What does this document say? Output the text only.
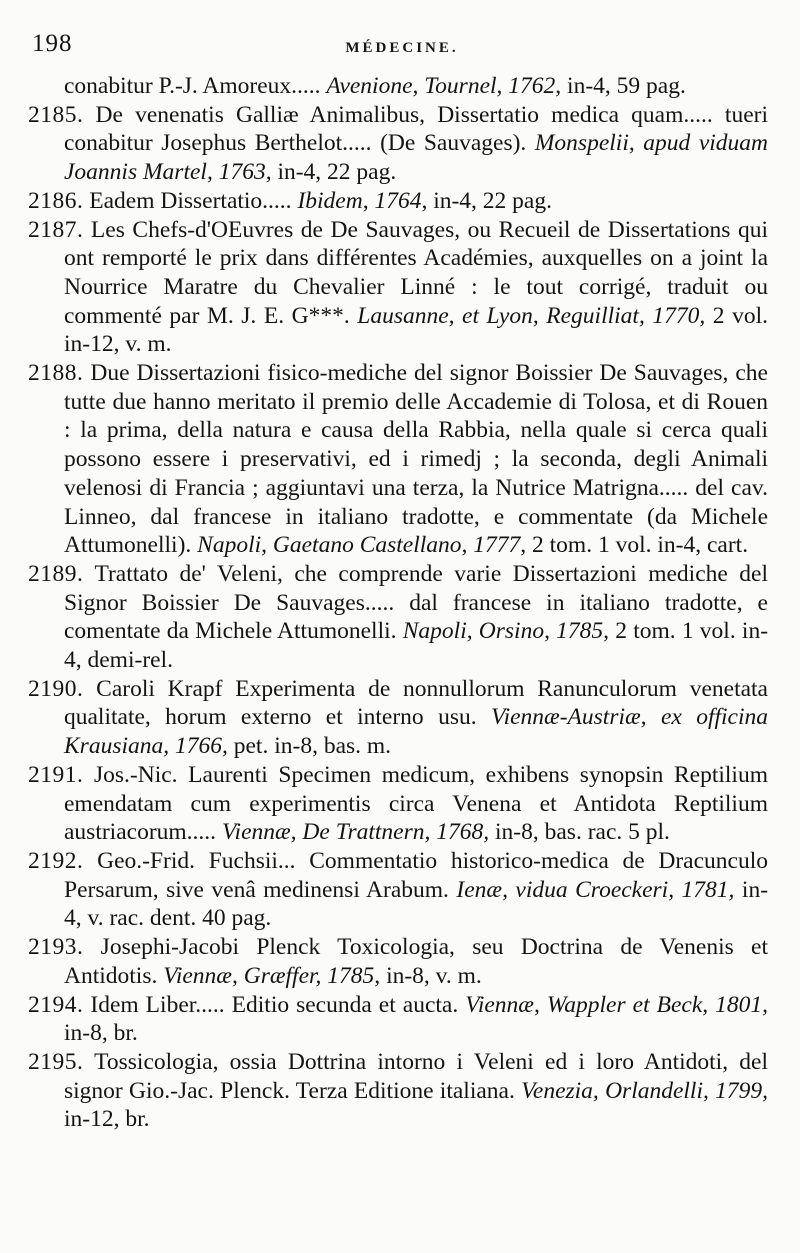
198	MÉDECINE.

conabitur P.-J. Amoreux..... Avenione, Tournel, 1762, in-4, 59 pag.

2185. De venenatis Galliæ Animalibus, Dissertatio medica quam..... tueri conabitur Josephus Berthelot..... (De Sauvages). Monspelii, apud viduam Joannis Martel, 1763, in-4, 22 pag.

2186. Eadem Dissertatio..... Ibidem, 1764, in-4, 22 pag.

2187. Les Chefs-d'OEuvres de De Sauvages, ou Recueil de Dissertations qui ont remporté le prix dans différentes Académies, auxquelles on a joint la Nourrice Maratre du Chevalier Linné : le tout corrigé, traduit ou commenté par M. J. E. G***. Lausanne, et Lyon, Reguilliat, 1770, 2 vol. in-12, v. m.

2188. Due Dissertazioni fisico-mediche del signor Boissier De Sauvages, che tutte due hanno meritato il premio delle Accademie di Tolosa, et di Rouen : la prima, della natura e causa della Rabbia, nella quale si cerca quali possono essere i preservativi, ed i rimedj ; la seconda, degli Animali velenosi di Francia ; aggiuntavi una terza, la Nutrice Matrigna..... del cav. Linneo, dal francese in italiano tradotte, e commentate (da Michele Attumonelli). Napoli, Gaetano Castellano, 1777, 2 tom. 1 vol. in-4, cart.

2189. Trattato de' Veleni, che comprende varie Dissertazioni mediche del Signor Boissier De Sauvages..... dal francese in italiano tradotte, e comentate da Michele Attumonelli. Napoli, Orsino, 1785, 2 tom. 1 vol. in-4, demi-rel.

2190. Caroli Krapf Experimenta de nonnullorum Ranunculorum venetata qualitate, horum externo et interno usu. Viennæ-Austriæ, ex officina Krausiana, 1766, pet. in-8, bas. m.

2191. Jos.-Nic. Laurenti Specimen medicum, exhibens synopsin Reptilium emendatam cum experimentis circa Venena et Antidota Reptilium austriacorum..... Viennæ, De Trattnern, 1768, in-8, bas. rac. 5 pl.

2192. Geo.-Frid. Fuchsii... Commentatio historico-medica de Dracunculo Persarum, sive venâ medinensi Arabum. Ienæ, vidua Croeckeri, 1781, in-4, v. rac. dent. 40 pag.

2193. Josephi-Jacobi Plenck Toxicologia, seu Doctrina de Venenis et Antidotis. Viennæ, Græffer, 1785, in-8, v. m.

2194. Idem Liber..... Editio secunda et aucta. Viennæ, Wappler et Beck, 1801, in-8, br.

2195. Tossicologia, ossia Dottrina intorno i Veleni ed i loro Antidoti, del signor Gio.-Jac. Plenck. Terza Editione italiana. Venezia, Orlandelli, 1799, in-12, br.
